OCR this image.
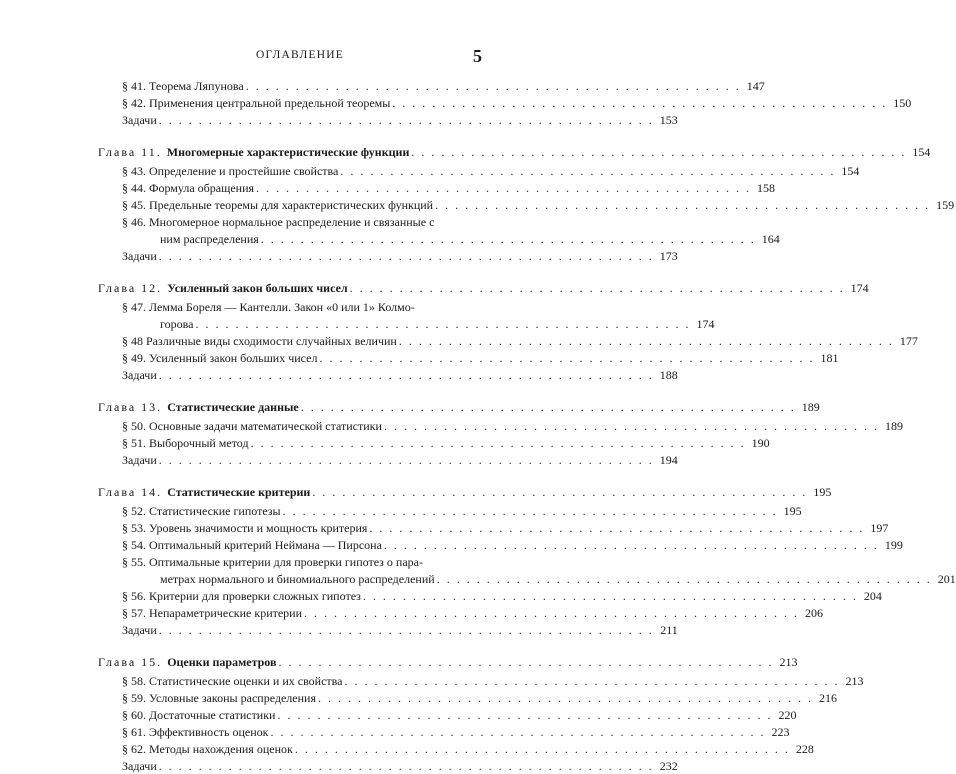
ОГЛАВЛЕНИЕ	5
§ 41. Теорема Ляпунова . . . . . . . . . . . . . . . . . . . . . . . . . . . . . . . . . . . . . . . . . . . . . . . . . . 147
§ 42. Применения центральной предельной теоремы . . . . . . . . . . . . . . . . . . . . . . . . . . . . . . . . . . . . . . . . . . . . . . . . . . 150
Задачи . . . . . . . . . . . . . . . . . . . . . . . . . . . . . . . . . . . . . . . . . . . . . . . . . . 153
Глава 11. Многомерные характеристические функции . . . . . . . . . . . . . . . . . . . . . . . . . . . . . . . . . . . . . . . . . . . . . . . . . . 154
§ 43. Определение и простейшие свойства . . . . . . . . . . . . . . . . . . . . . . . . . . . . . . . . . . . . . . . . . . . . . . . . . . 154
§ 44. Формула обращения . . . . . . . . . . . . . . . . . . . . . . . . . . . . . . . . . . . . . . . . . . . . . . . . . . 158
§ 45. Предельные теоремы для характеристических функций . . . . . . . . . . . . . . . . . . . . . . . . . . . . . . . . . . . . . . . . . . . . . . . . . . 159
§ 46. Многомерное нормальное распределение и связанные с
ним распределения . . . . . . . . . . . . . . . . . . . . . . . . . . . . . . . . . . . . . . . . . . . . . . . . . . 164
Задачи . . . . . . . . . . . . . . . . . . . . . . . . . . . . . . . . . . . . . . . . . . . . . . . . . . 173
Глава 12. Усиленный закон больших чисел . . . . . . . . . . . . . . . . . . . . . . . . . . . . . . . . . . . . . . . . . . . . . . . . . . 174
§ 47. Лемма Бореля — Кантелли. Закон «0 или 1» Колмо-
горова . . . . . . . . . . . . . . . . . . . . . . . . . . . . . . . . . . . . . . . . . . . . . . . . . . 174
§ 48 Различные виды сходимости случайных величин . . . . . . . . . . . . . . . . . . . . . . . . . . . . . . . . . . . . . . . . . . . . . . . . . . 177
§ 49. Усиленный закон больших чисел . . . . . . . . . . . . . . . . . . . . . . . . . . . . . . . . . . . . . . . . . . . . . . . . . . 181
Задачи . . . . . . . . . . . . . . . . . . . . . . . . . . . . . . . . . . . . . . . . . . . . . . . . . . 188
Глава 13. Статистические данные . . . . . . . . . . . . . . . . . . . . . . . . . . . . . . . . . . . . . . . . . . . . . . . . . . 189
§ 50. Основные задачи математической статистики . . . . . . . . . . . . . . . . . . . . . . . . . . . . . . . . . . . . . . . . . . . . . . . . . . 189
§ 51. Выборочный метод . . . . . . . . . . . . . . . . . . . . . . . . . . . . . . . . . . . . . . . . . . . . . . . . . . 190
Задачи . . . . . . . . . . . . . . . . . . . . . . . . . . . . . . . . . . . . . . . . . . . . . . . . . . 194
Глава 14. Статистические критерии . . . . . . . . . . . . . . . . . . . . . . . . . . . . . . . . . . . . . . . . . . . . . . . . . . 195
§ 52. Статистические гипотезы . . . . . . . . . . . . . . . . . . . . . . . . . . . . . . . . . . . . . . . . . . . . . . . . . . 195
§ 53. Уровень значимости и мощность критерия . . . . . . . . . . . . . . . . . . . . . . . . . . . . . . . . . . . . . . . . . . . . . . . . . . 197
§ 54. Оптимальный критерий Неймана — Пирсона . . . . . . . . . . . . . . . . . . . . . . . . . . . . . . . . . . . . . . . . . . . . . . . . . . 199
§ 55. Оптимальные критерии для проверки гипотез о пара-
метрах нормального и биномиального распределений . . . . . . . . . . . . . . . . . . . . . . . . . . . . . . . . . . . . . . . . . . . . . . . . . . 201
§ 56. Критерии для проверки сложных гипотез . . . . . . . . . . . . . . . . . . . . . . . . . . . . . . . . . . . . . . . . . . . . . . . . . . 204
§ 57. Непараметрические критерии . . . . . . . . . . . . . . . . . . . . . . . . . . . . . . . . . . . . . . . . . . . . . . . . . . 206
Задачи . . . . . . . . . . . . . . . . . . . . . . . . . . . . . . . . . . . . . . . . . . . . . . . . . . 211
Глава 15. Оценки параметров . . . . . . . . . . . . . . . . . . . . . . . . . . . . . . . . . . . . . . . . . . . . . . . . . . 213
§ 58. Статистические оценки и их свойства . . . . . . . . . . . . . . . . . . . . . . . . . . . . . . . . . . . . . . . . . . . . . . . . . . 213
§ 59. Условные законы распределения . . . . . . . . . . . . . . . . . . . . . . . . . . . . . . . . . . . . . . . . . . . . . . . . . . 216
§ 60. Достаточные статистики . . . . . . . . . . . . . . . . . . . . . . . . . . . . . . . . . . . . . . . . . . . . . . . . . . 220
§ 61. Эффективность оценок . . . . . . . . . . . . . . . . . . . . . . . . . . . . . . . . . . . . . . . . . . . . . . . . . . 223
§ 62. Методы нахождения оценок . . . . . . . . . . . . . . . . . . . . . . . . . . . . . . . . . . . . . . . . . . . . . . . . . . 228
Задачи . . . . . . . . . . . . . . . . . . . . . . . . . . . . . . . . . . . . . . . . . . . . . . . . . . 232
